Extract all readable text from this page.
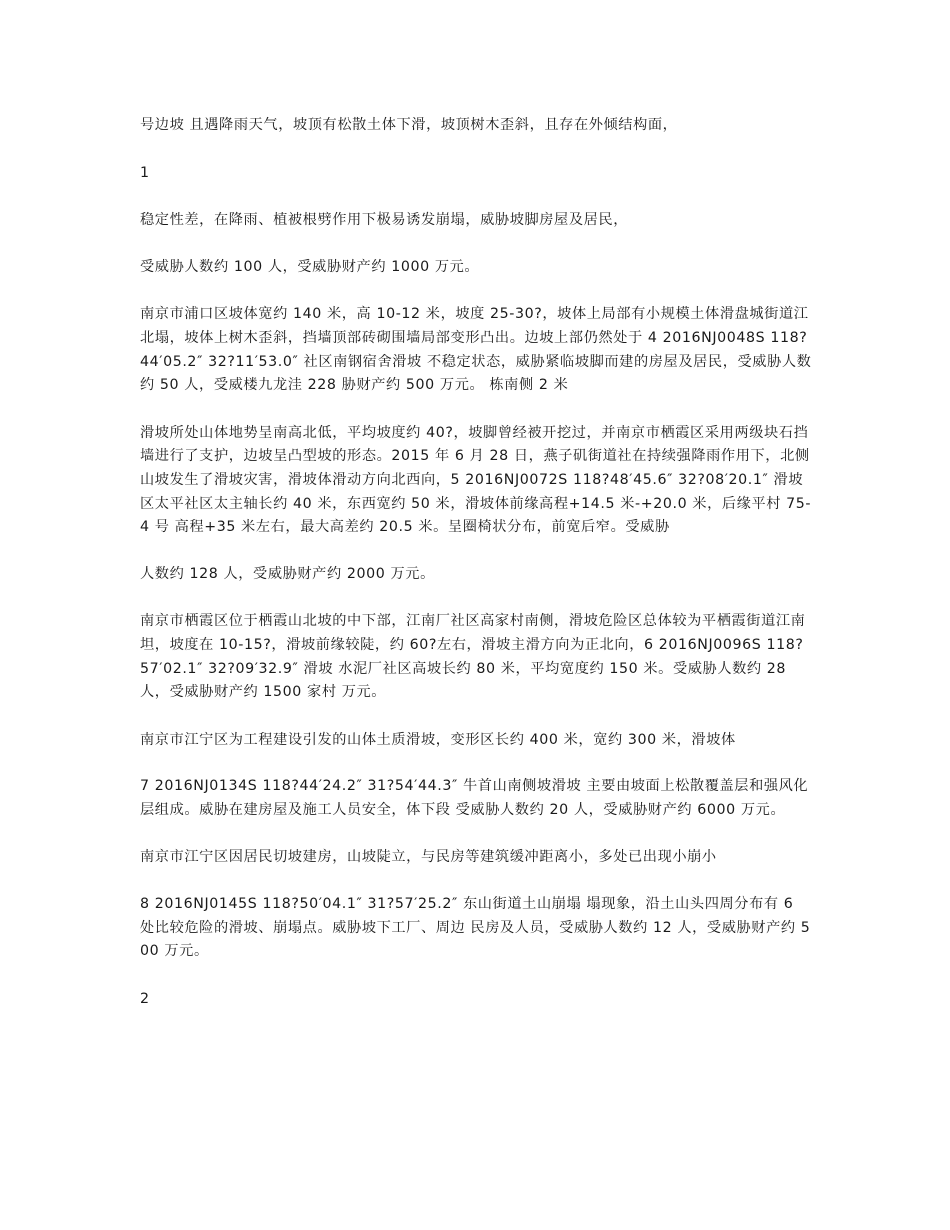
号边坡 且遇降雨天气，坡顶有松散土体下滑，坡顶树木歪斜，且存在外倾结构面，

1

稳定性差，在降雨、植被根劈作用下极易诱发崩塌，威胁坡脚房屋及居民，

受威胁人数约 100 人，受威胁财产约 1000 万元。

南京市浦口区坡体宽约 140 米，高 10-12 米，坡度 25-30?，坡体上局部有小规模土体滑盘城街道江北塌，坡体上树木歪斜，挡墙顶部砖砌围墙局部变形凸出。边坡上部仍然处于 4 2016NJ0048S 118?44′05.2″ 32?11′53.0″ 社区南钢宿舍滑坡 不稳定状态，威胁紧临坡脚而建的房屋及居民，受威胁人数约 50 人，受威楼九龙洼 228 胁财产约 500 万元。 栋南侧 2 米

滑坡所处山体地势呈南高北低，平均坡度约 40?，坡脚曾经被开挖过，并南京市栖霞区采用两级块石挡墙进行了支护，边坡呈凸型坡的形态。2015 年 6 月 28 日，燕子矶街道社在持续强降雨作用下，北侧山坡发生了滑坡灾害，滑坡体滑动方向北西向，5 2016NJ0072S 118?48′45.6″ 32?08′20.1″ 滑坡 区太平社区太主轴长约 40 米，东西宽约 50 米，滑坡体前缘高程+14.5 米-+20.0 米，后缘平村 75-4 号 高程+35 米左右，最大高差约 20.5 米。呈圈椅状分布，前宽后窄。受威胁

人数约 128 人，受威胁财产约 2000 万元。

南京市栖霞区位于栖霞山北坡的中下部，江南厂社区高家村南侧，滑坡危险区总体较为平栖霞街道江南坦，坡度在 10-15?，滑坡前缘较陡，约 60?左右，滑坡主滑方向为正北向，6 2016NJ0096S 118?57′02.1″ 32?09′32.9″ 滑坡 水泥厂社区高坡长约 80 米，平均宽度约 150 米。受威胁人数约 28 人，受威胁财产约 1500 家村 万元。

南京市江宁区为工程建设引发的山体土质滑坡，变形区长约 400 米，宽约 300 米，滑坡体

7 2016NJ0134S 118?44′24.2″ 31?54′44.3″ 牛首山南侧坡滑坡 主要由坡面上松散覆盖层和强风化层组成。威胁在建房屋及施工人员安全，体下段 受威胁人数约 20 人，受威胁财产约 6000 万元。

南京市江宁区因居民切坡建房，山坡陡立，与民房等建筑缓冲距离小，多处已出现小崩小

8 2016NJ0145S 118?50′04.1″ 31?57′25.2″ 东山街道土山崩塌 塌现象，沿土山头四周分布有 6 处比较危险的滑坡、崩塌点。威胁坡下工厂、周边 民房及人员，受威胁人数约 12 人，受威胁财产约 500 万元。

2
